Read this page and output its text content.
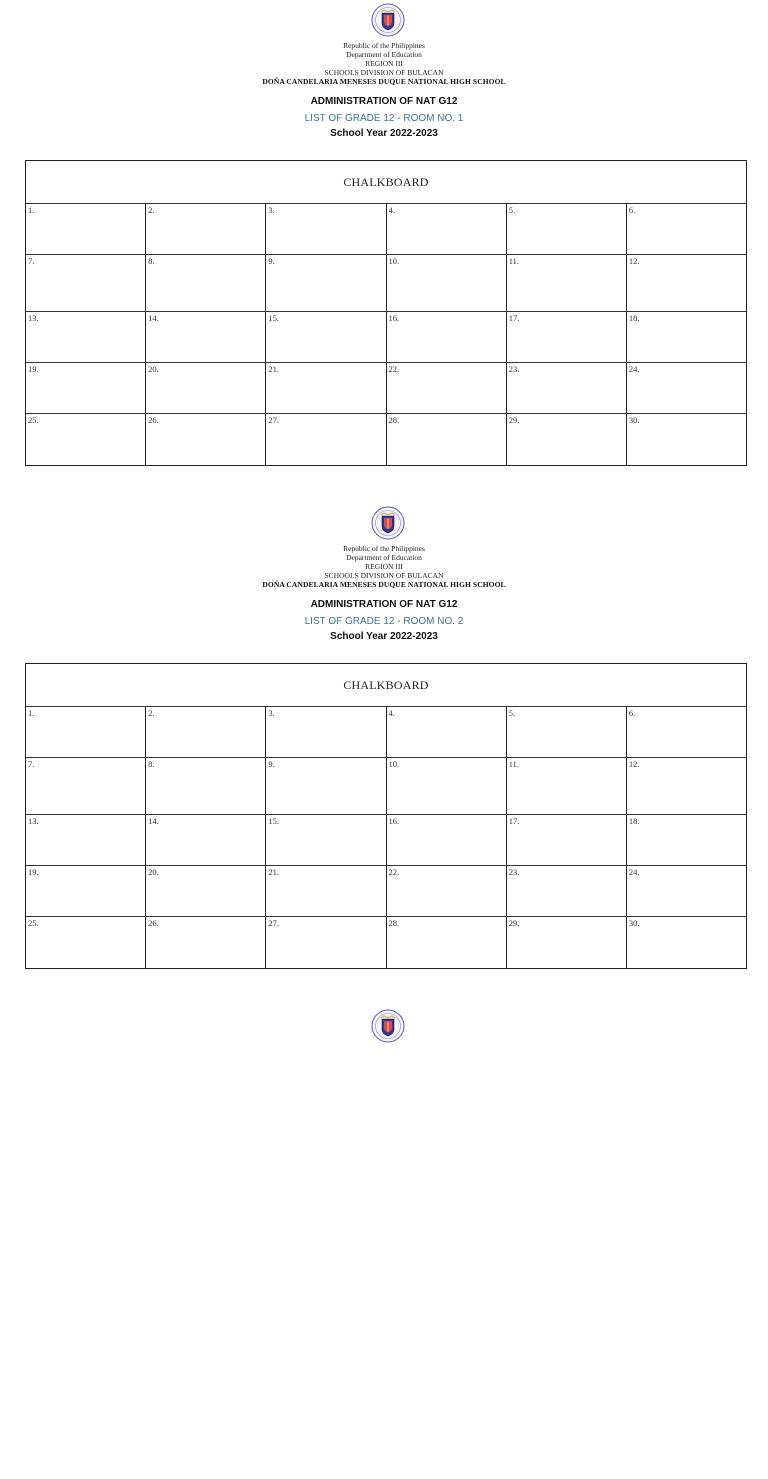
Republic of the Philippines
Department of Education
REGION III
SCHOOLS DIVISION OF BULACAN
DOÑA CANDELARIA MENESES DUQUE NATIONAL HIGH SCHOOL
ADMINISTRATION OF NAT G12
LIST OF GRADE 12 - ROOM NO. 1
School Year 2022-2023
CHALKBOARD
1.	2.	3.	4.	5.	6.
7.	8.	9.	10.	11.	12.
13.	14.	15.	16.	17.	18.
19.	20.	21.	22.	23.	24.
25.	26.	27.	28.	29.	30.
Republic of the Philippines
Department of Education
REGION III
SCHOOLS DIVISION OF BULACAN
DOÑA CANDELARIA MENESES DUQUE NATIONAL HIGH SCHOOL
ADMINISTRATION OF NAT G12
LIST OF GRADE 12 - ROOM NO. 2
School Year 2022-2023
CHALKBOARD
1.	2.	3.	4.	5.	6.
7.	8.	9.	10.	11.	12.
13.	14.	15.	16.	17.	18.
19.	20.	21.	22.	23.	24.
25.	26.	27.	28.	29.	30.
